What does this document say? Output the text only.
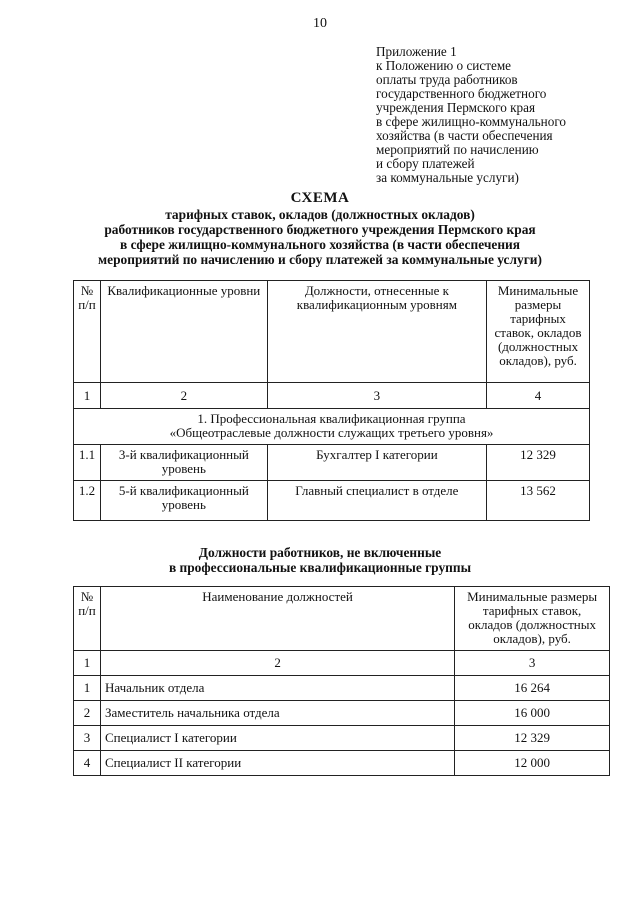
10
Приложение 1
к Положению о системе
оплаты труда работников
государственного бюджетного
учреждения Пермского края
в сфере жилищно-коммунального
хозяйства (в части обеспечения
мероприятий по начислению
и сбору платежей
за коммунальные услуги)
СХЕМА
тарифных ставок, окладов (должностных окладов)
работников государственного бюджетного учреждения Пермского края
в сфере жилищно-коммунального хозяйства (в части обеспечения
мероприятий по начислению и сбору платежей за коммунальные услуги)
№ п/п	Квалификационные уровни	Должности, отнесенные к квалификационным уровням	Минимальные размеры тарифных ставок, окладов (должностных окладов), руб.
1	2	3	4

1. Профессиональная квалификационная группа
«Общеотраслевые должности служащих третьего уровня»			

1.1	3-й квалификационный уровень	Бухгалтер I категории	12 329
1.2	5-й квалификационный уровень	Главный специалист в отделе	13 562
Должности работников, не включенные
в профессиональные квалификационные группы
№ п/п	Наименование должностей	Минимальные размеры тарифных ставок, окладов (должностных окладов), руб.
1	2	3
1	Начальник отдела	16 264
2	Заместитель начальника отдела	16 000
3	Специалист I категории	12 329
4	Специалист II категории	12 000
